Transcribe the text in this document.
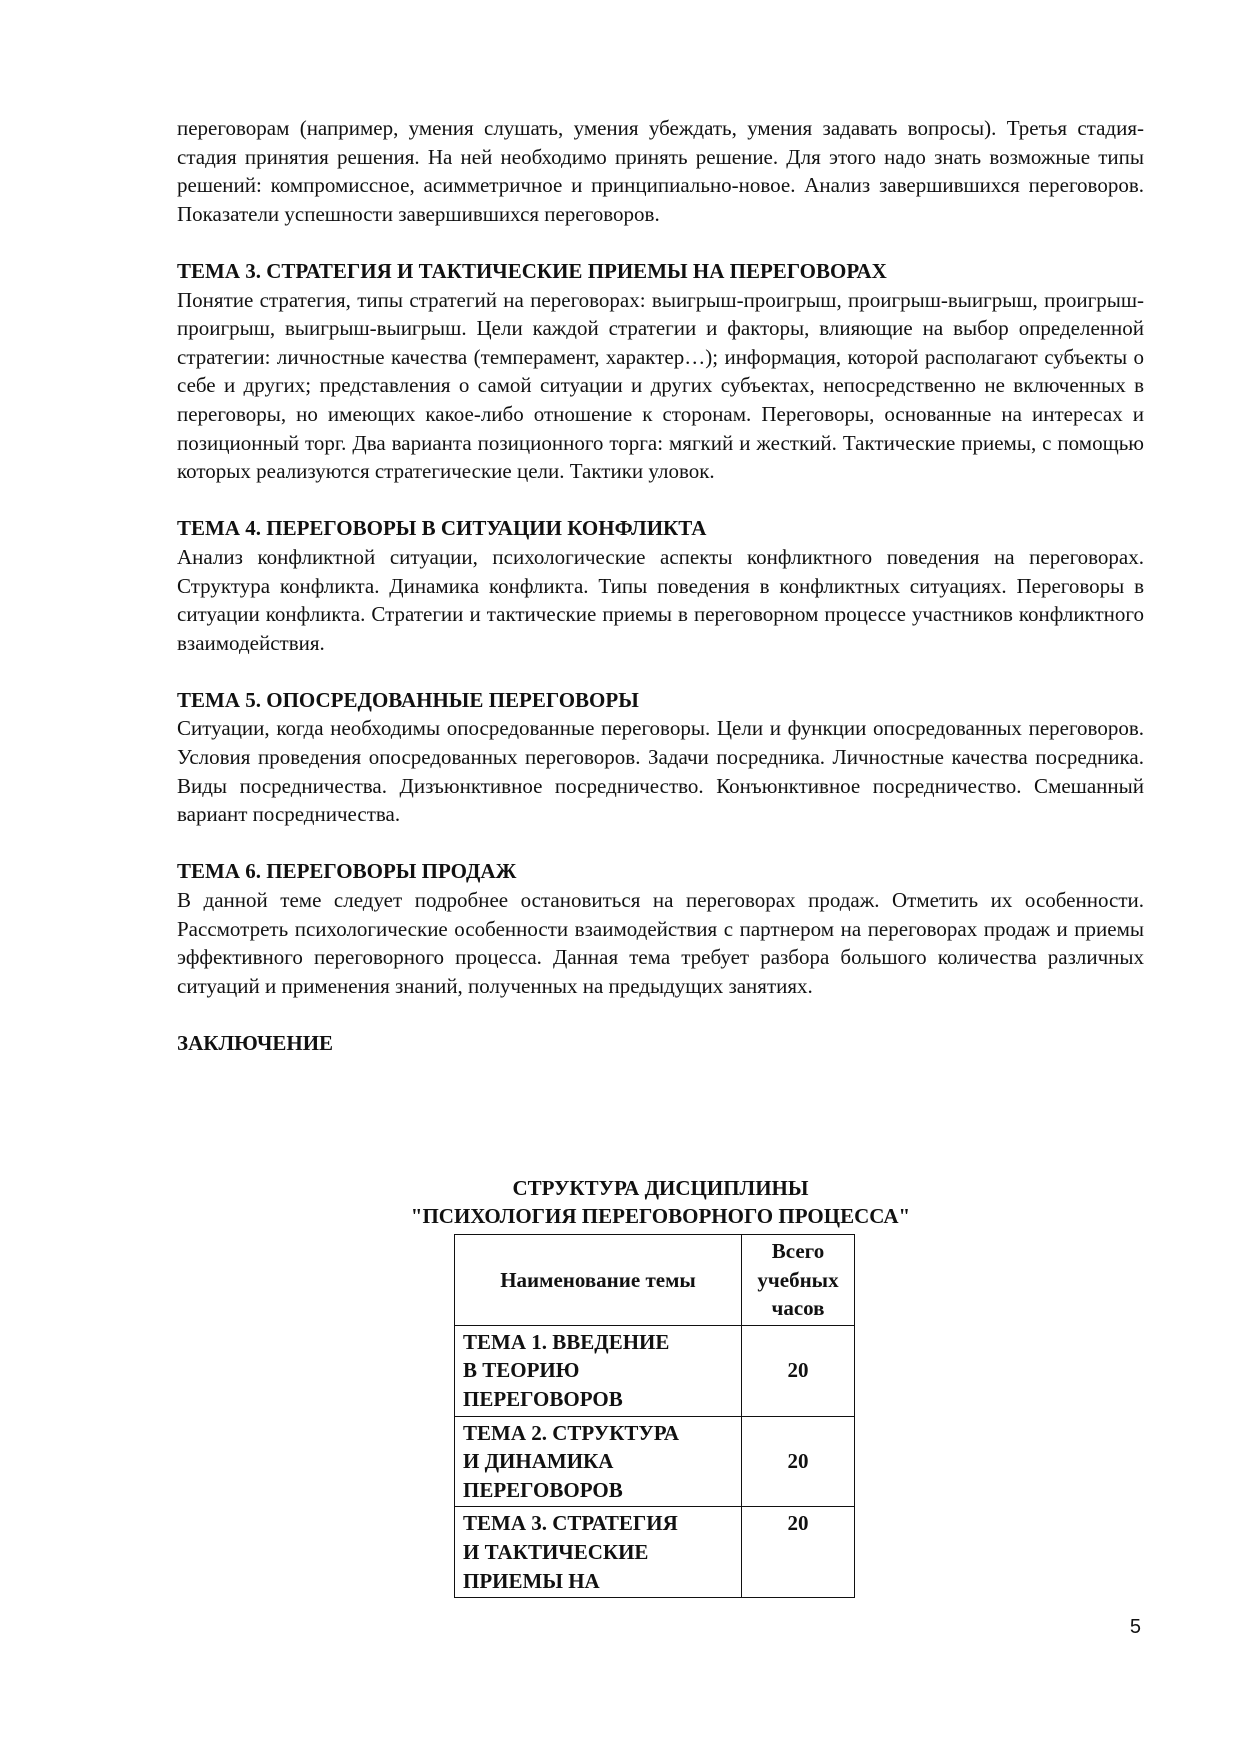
переговорам (например, умения слушать, умения убеждать, умения задавать вопросы). Третья стадия- стадия принятия решения. На ней необходимо принять решение. Для этого надо знать возможные типы решений: компромиссное, асимметричное и принципиально-новое. Анализ завершившихся переговоров. Показатели успешности завершившихся переговоров.

ТЕМА 3. СТРАТЕГИЯ И ТАКТИЧЕСКИЕ ПРИЕМЫ НА ПЕРЕГОВОРАХ

Понятие стратегия, типы стратегий на переговорах: выигрыш-проигрыш, проигрыш-выигрыш, проигрыш-проигрыш, выигрыш-выигрыш. Цели каждой стратегии и факторы, влияющие на выбор определенной стратегии: личностные качества (темперамент, характер…); информация, которой располагают субъекты о себе и других; представления о самой ситуации и других субъектах, непосредственно не включенных в переговоры, но имеющих какое-либо отношение к сторонам. Переговоры, основанные на интересах и позиционный торг. Два варианта позиционного торга: мягкий и жесткий. Тактические приемы, с помощью которых реализуются стратегические цели. Тактики уловок.

ТЕМА 4. ПЕРЕГОВОРЫ В СИТУАЦИИ КОНФЛИКТА

Анализ конфликтной ситуации, психологические аспекты конфликтного поведения на переговорах. Структура конфликта. Динамика конфликта. Типы поведения в конфликтных ситуациях. Переговоры в ситуации конфликта. Стратегии и тактические приемы в переговорном процессе участников конфликтного взаимодействия.

ТЕМА 5. ОПОСРЕДОВАННЫЕ ПЕРЕГОВОРЫ

Ситуации, когда необходимы опосредованные переговоры. Цели и функции опосредованных переговоров. Условия проведения опосредованных переговоров. Задачи посредника. Личностные качества посредника. Виды посредничества. Дизъюнктивное посредничество. Конъюнктивное посредничество. Смешанный вариант посредничества.

ТЕМА 6. ПЕРЕГОВОРЫ ПРОДАЖ

В данной теме следует подробнее остановиться на переговорах продаж. Отметить их особенности. Рассмотреть психологические особенности взаимодействия с партнером на переговорах продаж и приемы эффективного переговорного процесса. Данная тема требует разбора большого количества различных ситуаций и применения знаний, полученных на предыдущих занятиях.

ЗАКЛЮЧЕНИЕ
СТРУКТУРА ДИСЦИПЛИНЫ
"ПСИХОЛОГИЯ ПЕРЕГОВОРНОГО ПРОЦЕССА"
Наименование темы	Всего
учебных
часов

ТЕМА 1. ВВЕДЕНИЕ
В ТЕОРИЮ
ПЕРЕГОВОРОВ	20

ТЕМА 2. СТРУКТУРА
И ДИНАМИКА
ПЕРЕГОВОРОВ	20

ТЕМА 3. СТРАТЕГИЯ
И ТАКТИЧЕСКИЕ
ПРИЕМЫ НА	20
5
